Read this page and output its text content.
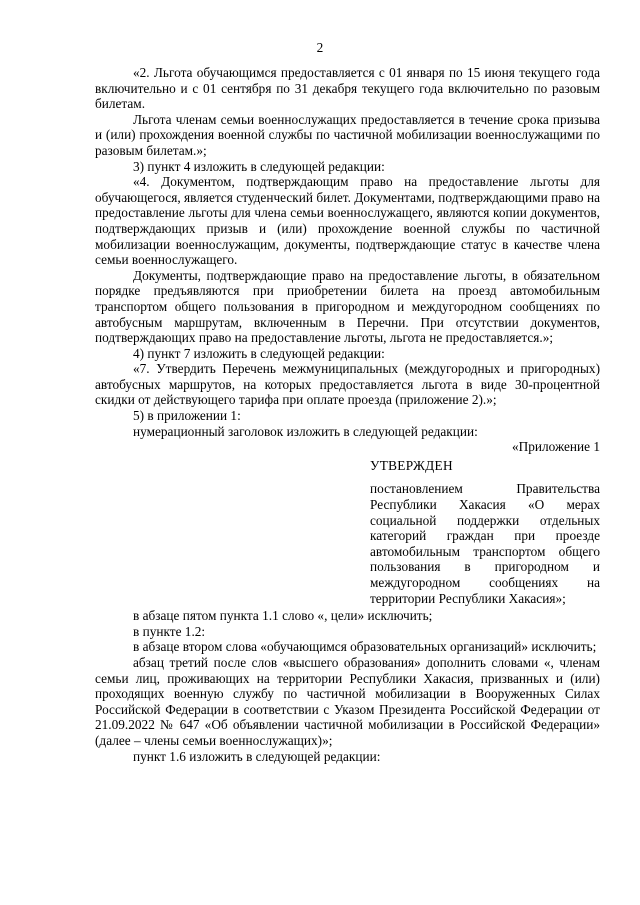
2

«2. Льгота обучающимся предоставляется с 01 января по 15 июня текущего года включительно и с 01 сентября по 31 декабря текущего года включительно по разовым билетам.

Льгота членам семьи военнослужащих предоставляется в течение срока призыва и (или) прохождения военной службы по частичной мобилизации военнослужащими по разовым билетам.»;

3) пункт 4 изложить в следующей редакции:

«4. Документом, подтверждающим право на предоставление льготы для обучающегося, является студенческий билет. Документами, подтверждающими право на предоставление льготы для члена семьи военнослужащего, являются копии документов, подтверждающих призыв и (или) прохождение военной службы по частичной мобилизации военнослужащим, документы, подтверждающие статус в качестве члена семьи военнослужащего.

Документы, подтверждающие право на предоставление льготы, в обязательном порядке предъявляются при приобретении билета на проезд автомобильным транспортом общего пользования в пригородном и междугородном сообщениях по автобусным маршрутам, включенным в Перечни. При отсутствии документов, подтверждающих право на предоставление льготы, льгота не предоставляется.»;

4) пункт 7 изложить в следующей редакции:

«7. Утвердить Перечень межмуниципальных (междугородных и пригородных) автобусных маршрутов, на которых предоставляется льгота в виде 30-процентной скидки от действующего тарифа при оплате проезда (приложение 2).»;

5) в приложении 1:

нумерационный заголовок изложить в следующей редакции:

«Приложение 1

УТВЕРЖДЕН

постановлением Правительства Республики Хакасия «О мерах социальной поддержки отдельных категорий граждан при проезде автомобильным транспортом общего пользования в пригородном и междугородном сообщениях на территории Республики Хакасия»;

в абзаце пятом пункта 1.1 слово «, цели» исключить;

в пункте 1.2:

в абзаце втором слова «обучающимся образовательных организаций» исключить;

абзац третий после слов «высшего образования» дополнить словами «, членам семьи лиц, проживающих на территории Республики Хакасия, призванных и (или) проходящих военную службу по частичной мобилизации в Вооруженных Силах Российской Федерации в соответствии с Указом Президента Российской Федерации от 21.09.2022 № 647 «Об объявлении частичной мобилизации в Российской Федерации» (далее – члены семьи военнослужащих)»;

пункт 1.6 изложить в следующей редакции:
